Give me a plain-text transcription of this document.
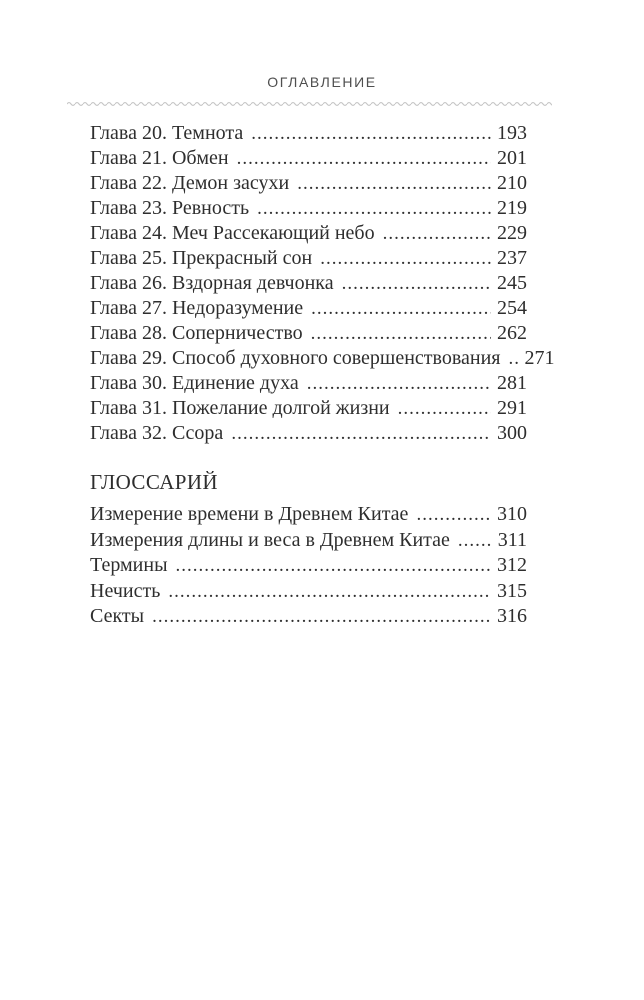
ОГЛАВЛЕНИЕ
Глава 20. Темнота .....	193
Глава 21. Обмен .....	201
Глава 22. Демон засухи .....	210
Глава 23. Ревность .....	219
Глава 24. Меч Рассекающий небо .....	229
Глава 25. Прекрасный сон .....	237
Глава 26. Вздорная девчонка .....	245
Глава 27. Недоразумение .....	254
Глава 28. Соперничество .....	262
Глава 29. Способ духовного совершенствования ..... 271
Глава 30. Единение духа .....	281
Глава 31. Пожелание долгой жизни .....	291
Глава 32. Ссора .....	300
ГЛОССАРИЙ
Измерение времени в Древнем Китае .....	310
Измерения длины и веса в Древнем Китае ..... 311
Термины .....	312
Нечисть .....	315
Секты .....	316
